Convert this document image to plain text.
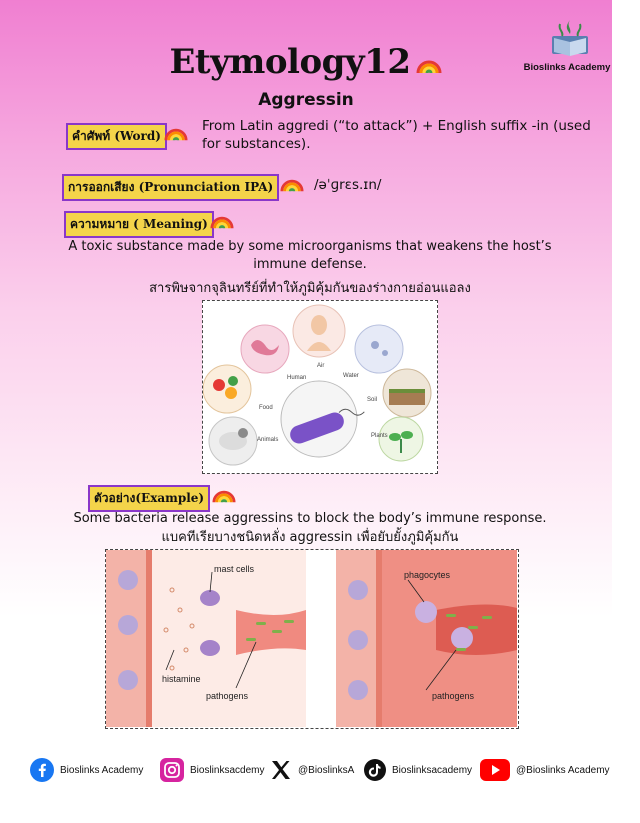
Bioslinks Academy
Etymology12
Aggressin
คำศัพท์ (Word)
From Latin aggredi (“to attack”) + English suffix -in (used for substances).
การออกเสียง (Pronunciation IPA)	/əˈɡrɛs.ɪn/
ความหมาย ( Meaning)
A toxic substance made by some microorganisms that weakens the host’s immune defense.
สารพิษจากจุลินทรีย์ที่ทำให้ภูมิคุ้มกันของร่างกายอ่อนแอลง
Human
Air
Water
Soil
Plants
Animals
Food
ตัวอย่าง(Example)
Some bacteria release aggressins to block the body’s immune response.
แบคทีเรียบางชนิดหลั่ง aggressin เพื่อยับยั้งภูมิคุ้มกัน
mast cells
histamine
pathogens
phagocytes
pathogens
Bioslinks Academy	Bioslinksacdemy	@BioslinksA	Bioslinksacademy	@Bioslinks Academy
